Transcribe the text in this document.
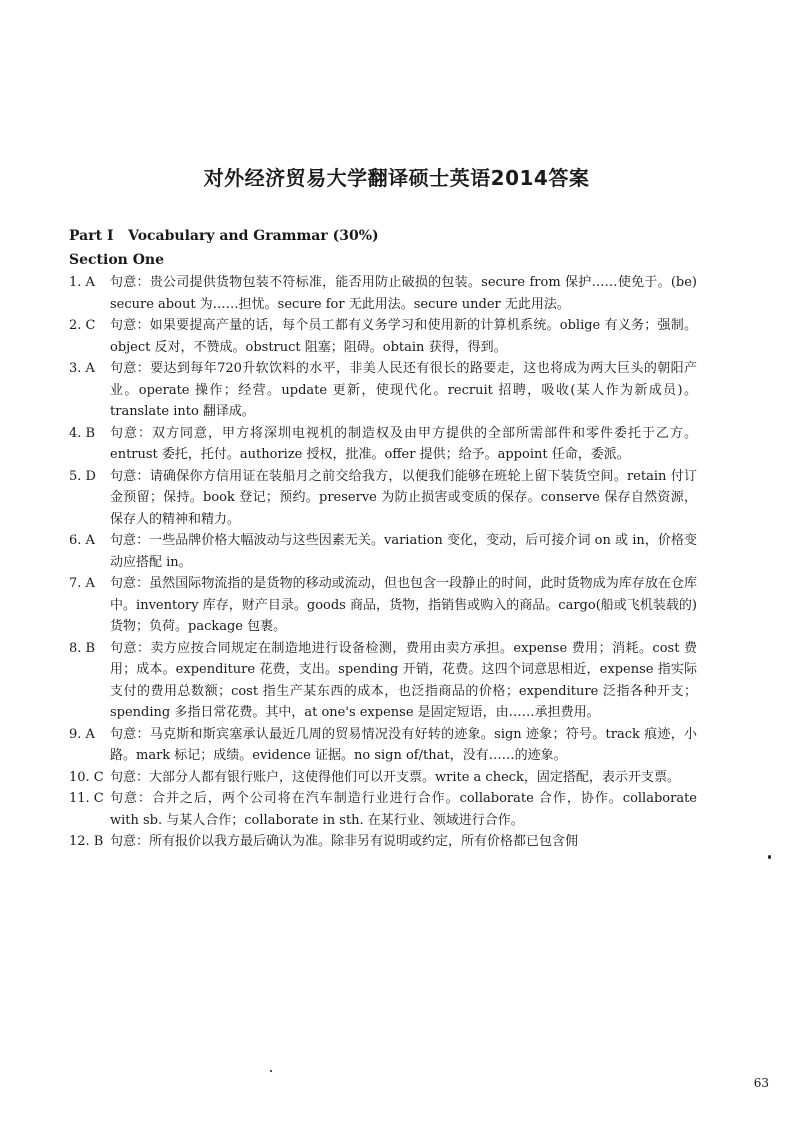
对外经济贸易大学翻译硕士英语2014答案
Part I   Vocabulary and Grammar (30%)
Section One
1. A	句意：贵公司提供货物包装不符标准，能否用防止破损的包装。secure from 保护……使免于。(be) secure about 为……担忧。secure for 无此用法。secure under 无此用法。
2. C	句意：如果要提高产量的话，每个员工都有义务学习和使用新的计算机系统。oblige 有义务；强制。object 反对，不赞成。obstruct 阻塞；阻碍。obtain 获得，得到。
3. A	句意：要达到每年720升软饮料的水平，非美人民还有很长的路要走，这也将成为两大巨头的朝阳产业。operate 操作；经营。update 更新，使现代化。recruit 招聘，吸收(某人作为新成员)。translate into 翻译成。
4. B	句意：双方同意，甲方将深圳电视机的制造权及由甲方提供的全部所需部件和零件委托于乙方。entrust 委托，托付。authorize 授权，批准。offer 提供；给予。appoint 任命，委派。
5. D	句意：请确保你方信用证在装船月之前交给我方，以便我们能够在班轮上留下装货空间。retain 付订金预留；保持。book 登记；预约。preserve 为防止损害或变质的保存。conserve 保存自然资源，保存人的精神和精力。
6. A	句意：一些品牌价格大幅波动与这些因素无关。variation 变化，变动，后可接介词 on 或 in，价格变动应搭配 in。
7. A	句意：虽然国际物流指的是货物的移动或流动，但也包含一段静止的时间，此时货物成为库存放在仓库中。inventory 库存，财产目录。goods 商品，货物，指销售或购入的商品。cargo(船或飞机装载的)货物；负荷。package 包裹。
8. B	句意：卖方应按合同规定在制造地进行设备检测，费用由卖方承担。expense 费用；消耗。cost 费用；成本。expenditure 花费，支出。spending 开销，花费。这四个词意思相近，expense 指实际支付的费用总数额；cost 指生产某东西的成本，也泛指商品的价格；expenditure 泛指各种开支；spending 多指日常花费。其中，at one's expense 是固定短语，由……承担费用。
9. A	句意：马克斯和斯宾塞承认最近几周的贸易情况没有好转的迹象。sign 迹象；符号。track 痕迹，小路。mark 标记；成绩。evidence 证据。no sign of/that，没有……的迹象。
10. C 句意：大部分人都有银行账户，这使得他们可以开支票。write a check，固定搭配，表示开支票。
11. C 句意：合并之后，两个公司将在汽车制造行业进行合作。collaborate 合作，协作。collaborate with sb. 与某人合作；collaborate in sth. 在某行业、领域进行合作。
12. B 句意：所有报价以我方最后确认为准。除非另有说明或约定，所有价格都已包含佣
63
